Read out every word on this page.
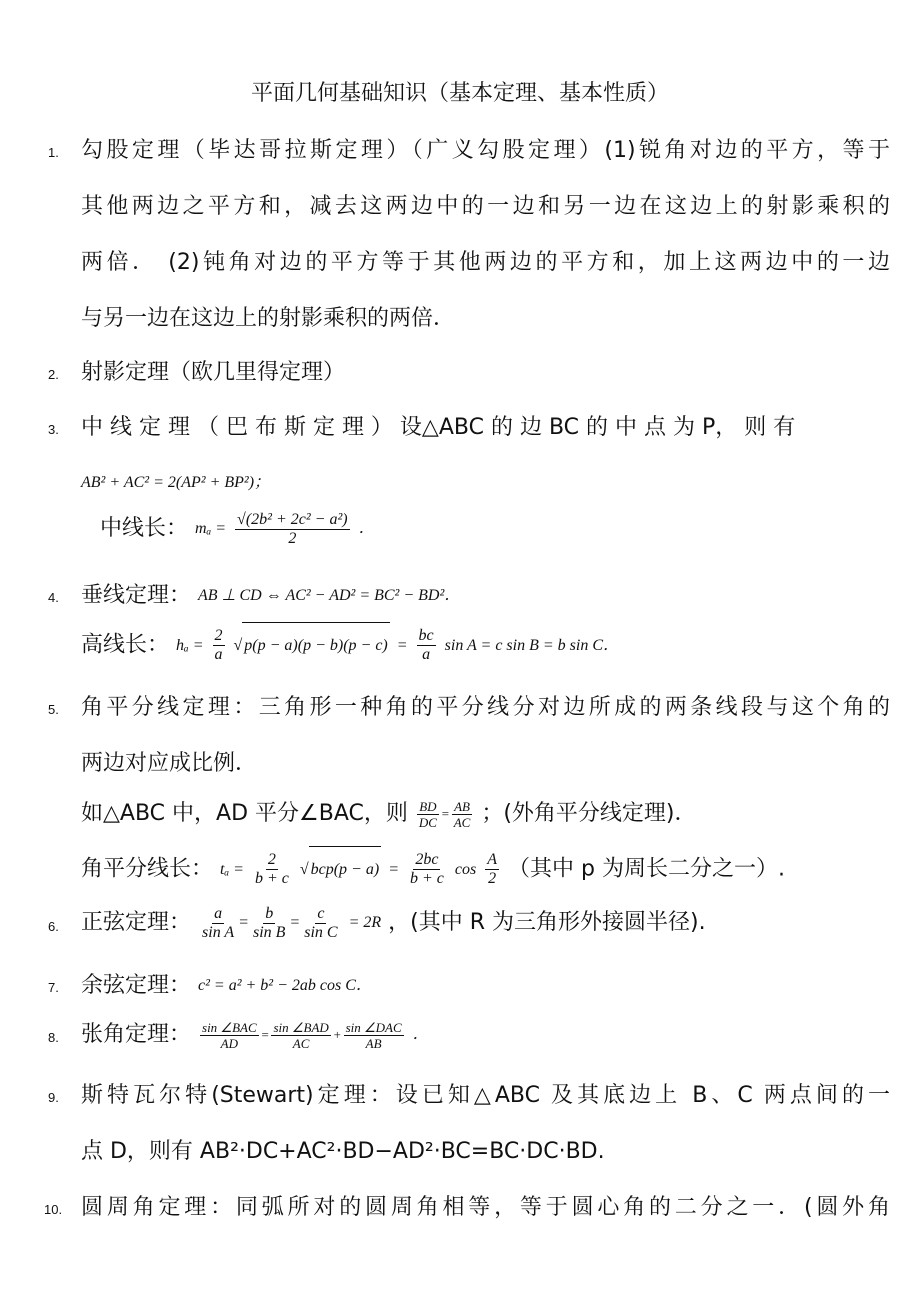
平面几何基础知识（基本定理、基本性质）
1. 勾股定理（毕达哥拉斯定理）（广义勾股定理）(1)锐角对边的平方，等于
其他两边之平方和，减去这两边中的一边和另一边在这边上的射影乘积的
两倍． (2)钝角对边的平方等于其他两边的平方和，加上这两边中的一边
与另一边在这边上的射影乘积的两倍．
2. 射影定理（欧几里得定理）
3. 中 线 定 理 （ 巴 布 斯 定 理 ） 设△ABC 的 边 BC 的 中 点 为 P， 则 有
AB² + AC² = 2(AP² + BP²)；
中线长： $m_a = \frac{\text{√(2b² + 2c² − a²)}}{2}$ ．
4. 垂线定理： AB ⊥ CD ⇔ AC² − AD² = BC² − BD²．
高线长： $h_a = \frac{2}{a}$ √ $p(p - a)(p - b)(p - c) = \frac{bc}{a}$ sin A = c sin B = b sin C．
5. 角平分线定理：三角形一种角的平分线分对边所成的两条线段与这个角的
两边对应成比例．
如△ABC 中，AD 平分∠BAC，则 $\frac{BD}{DC} = \frac{AB}{AC}$ ；(外角平分线定理)．
角平分线长： $t_a = \frac{2}{b + c}$ √ $bcp(p - a) = \frac{2bc}{b + c}$ $\cos \frac{A}{2}$ （其中 p 为周长二分之一）.
6. 正弦定理： $\frac{a}{\text{sin A}} = \frac{b}{\text{sin B}} = \frac{c}{\text{sin C}} = 2R$ ，(其中 R 为三角形外接圆半径).
7. 余弦定理： c² = a² + b² − 2ab cos C．
8. 张角定理： $\frac{\text{sin ∠BAC}}{AD} = \frac{\text{sin ∠BAD}}{AC} + \frac{\text{sin ∠DAC}}{AB}$ ．
9. 斯特瓦尔特(Stewart)定理：设已知△ABC 及其底边上 B、C 两点间的一
点 D，则有 AB²·DC+AC²·BD−AD²·BC=BC·DC·BD.
10. 圆周角定理：同弧所对的圆周角相等，等于圆心角的二分之一．(圆外角
